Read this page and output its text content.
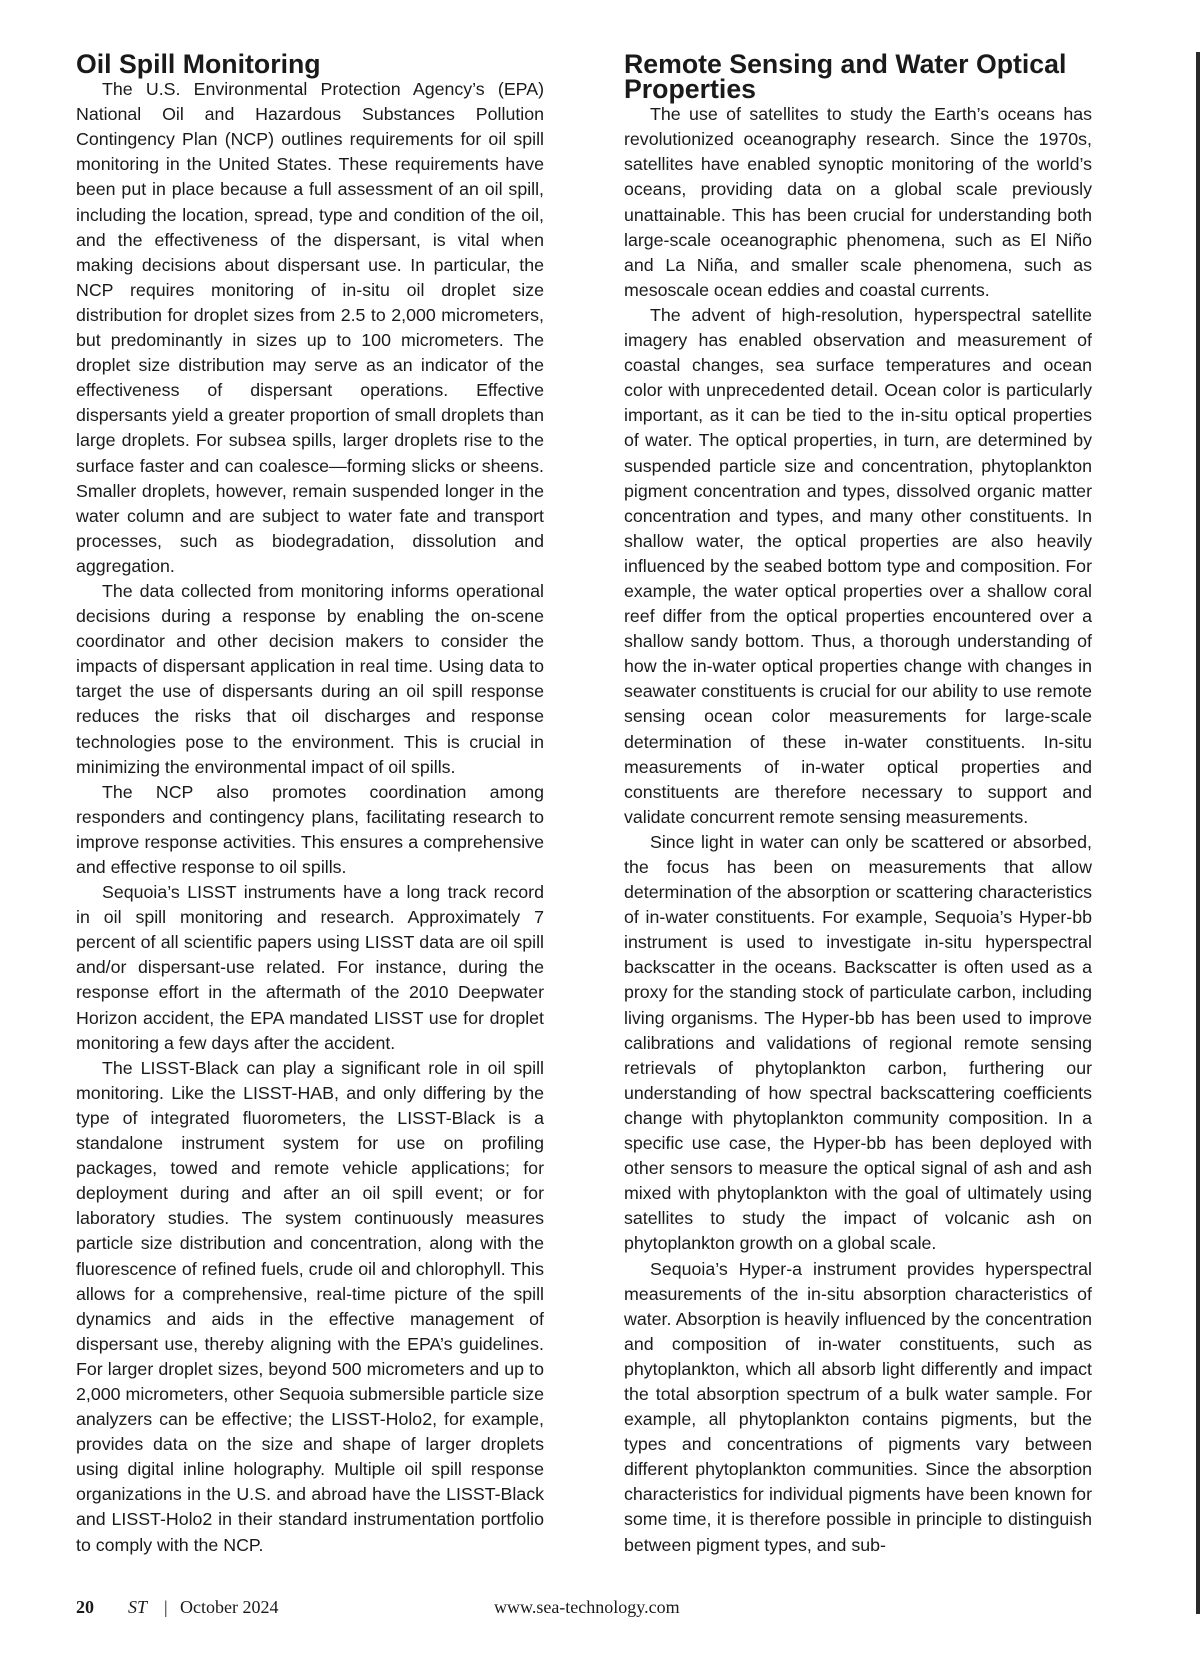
Oil Spill Monitoring

The U.S. Environmental Protection Agency’s (EPA) National Oil and Hazardous Substances Pollution Contingency Plan (NCP) outlines requirements for oil spill monitoring in the United States. These requirements have been put in place because a full assessment of an oil spill, including the location, spread, type and condition of the oil, and the effectiveness of the dispersant, is vital when making decisions about dispersant use. In particular, the NCP requires monitoring of in-situ oil droplet size distribution for droplet sizes from 2.5 to 2,000 micrometers, but predominantly in sizes up to 100 micrometers. The droplet size distribution may serve as an indicator of the effectiveness of dispersant operations. Effective dispersants yield a greater proportion of small droplets than large droplets. For subsea spills, larger droplets rise to the surface faster and can coalesce—forming slicks or sheens. Smaller droplets, however, remain suspended longer in the water column and are subject to water fate and transport processes, such as biodegradation, dissolution and aggregation.

The data collected from monitoring informs operational decisions during a response by enabling the on-scene coordinator and other decision makers to consider the impacts of dispersant application in real time. Using data to target the use of dispersants during an oil spill response reduces the risks that oil discharges and response technologies pose to the environment. This is crucial in minimizing the environmental impact of oil spills.

The NCP also promotes coordination among responders and contingency plans, facilitating research to improve response activities. This ensures a comprehensive and effective response to oil spills.

Sequoia’s LISST instruments have a long track record in oil spill monitoring and research. Approximately 7 percent of all scientific papers using LISST data are oil spill and/or dispersant-use related. For instance, during the response effort in the aftermath of the 2010 Deepwater Horizon accident, the EPA mandated LISST use for droplet monitoring a few days after the accident.

The LISST-Black can play a significant role in oil spill monitoring. Like the LISST-HAB, and only differing by the type of integrated fluorometers, the LISST-Black is a standalone instrument system for use on profiling packages, towed and remote vehicle applications; for deployment during and after an oil spill event; or for laboratory studies. The system continuously measures particle size distribution and concentration, along with the fluorescence of refined fuels, crude oil and chlorophyll. This allows for a comprehensive, real-time picture of the spill dynamics and aids in the effective management of dispersant use, thereby aligning with the EPA’s guidelines. For larger droplet sizes, beyond 500 micrometers and up to 2,000 micrometers, other Sequoia submersible particle size analyzers can be effective; the LISST-Holo2, for example, provides data on the size and shape of larger droplets using digital inline holography. Multiple oil spill response organizations in the U.S. and abroad have the LISST-Black and LISST-Holo2 in their standard instrumentation portfolio to comply with the NCP.

Remote Sensing and Water Optical Properties

The use of satellites to study the Earth’s oceans has revolutionized oceanography research. Since the 1970s, satellites have enabled synoptic monitoring of the world’s oceans, providing data on a global scale previously unattainable. This has been crucial for understanding both large-scale oceanographic phenomena, such as El Niño and La Niña, and smaller scale phenomena, such as mesoscale ocean eddies and coastal currents.

The advent of high-resolution, hyperspectral satellite imagery has enabled observation and measurement of coastal changes, sea surface temperatures and ocean color with unprecedented detail. Ocean color is particularly important, as it can be tied to the in-situ optical properties of water. The optical properties, in turn, are determined by suspended particle size and concentration, phytoplankton pigment concentration and types, dissolved organic matter concentration and types, and many other constituents. In shallow water, the optical properties are also heavily influenced by the seabed bottom type and composition. For example, the water optical properties over a shallow coral reef differ from the optical properties encountered over a shallow sandy bottom. Thus, a thorough understanding of how the in-water optical properties change with changes in seawater constituents is crucial for our ability to use remote sensing ocean color measurements for large-scale determination of these in-water constituents. In-situ measurements of in-water optical properties and constituents are therefore necessary to support and validate concurrent remote sensing measurements.

Since light in water can only be scattered or absorbed, the focus has been on measurements that allow determination of the absorption or scattering characteristics of in-water constituents. For example, Sequoia’s Hyper-bb instrument is used to investigate in-situ hyperspectral backscatter in the oceans. Backscatter is often used as a proxy for the standing stock of particulate carbon, including living organisms. The Hyper-bb has been used to improve calibrations and validations of regional remote sensing retrievals of phytoplankton carbon, furthering our understanding of how spectral backscattering coefficients change with phytoplankton community composition. In a specific use case, the Hyper-bb has been deployed with other sensors to measure the optical signal of ash and ash mixed with phytoplankton with the goal of ultimately using satellites to study the impact of volcanic ash on phytoplankton growth on a global scale.

Sequoia’s Hyper-a instrument provides hyperspectral measurements of the in-situ absorption characteristics of water. Absorption is heavily influenced by the concentration and composition of in-water constituents, such as phytoplankton, which all absorb light differently and impact the total absorption spectrum of a bulk water sample. For example, all phytoplankton contains pigments, but the types and concentrations of pigments vary between different phytoplankton communities. Since the absorption characteristics for individual pigments have been known for some time, it is therefore possible in principle to distinguish between pigment types, and sub-

20 ST | October 2024	www.sea-technology.com
